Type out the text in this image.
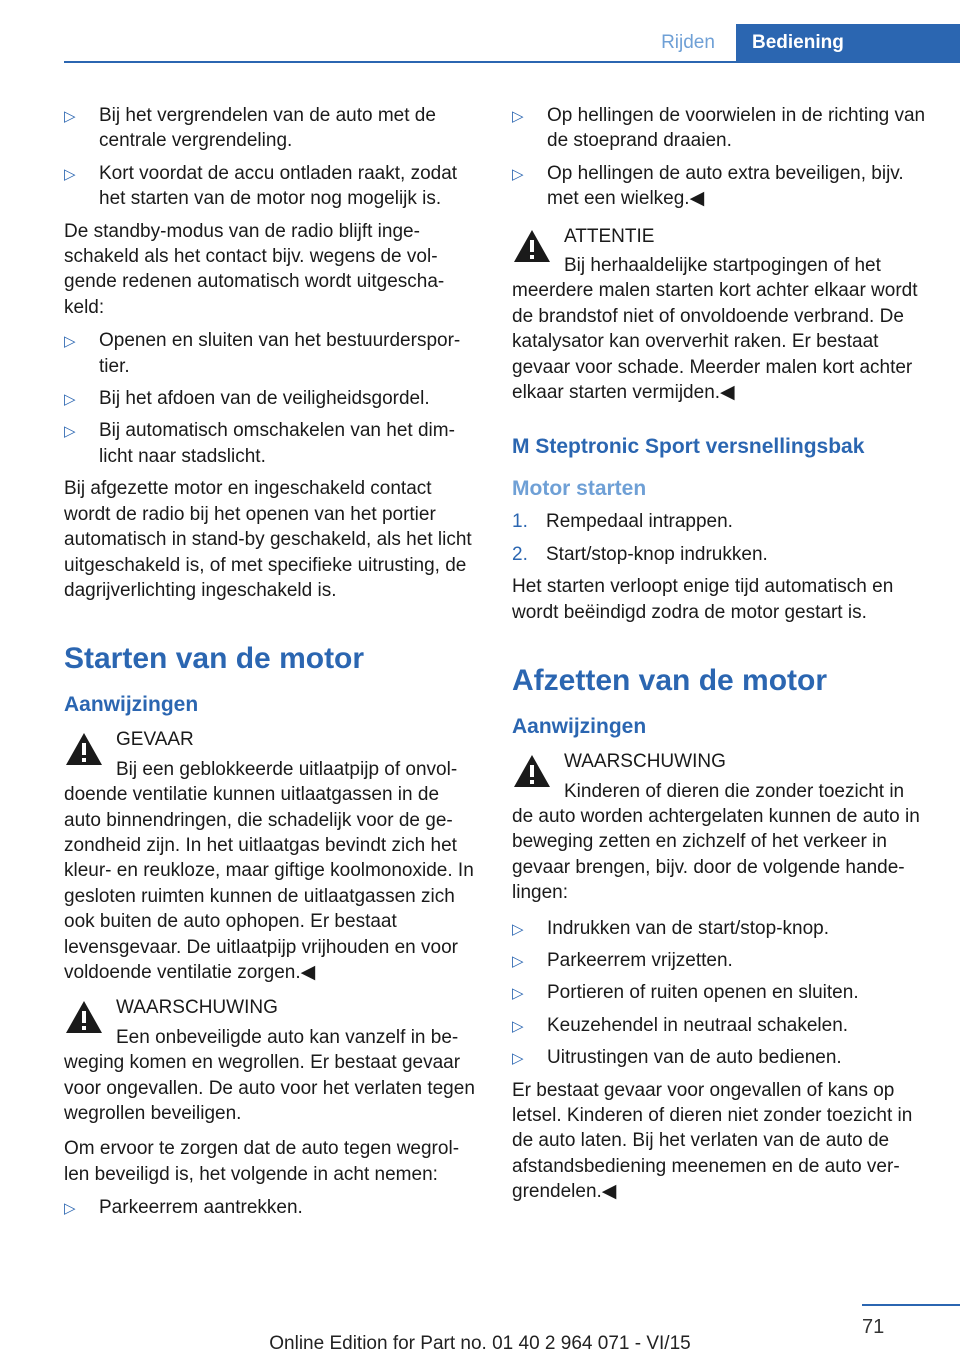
Rijden	Bediening
▷ Bij het vergrendelen van de auto met de centrale vergrendeling.
▷ Kort voordat de accu ontladen raakt, zodat het starten van de motor nog mogelijk is.

De standby-modus van de radio blijft ingeschakeld als het contact bijv. wegens de volgende redenen automatisch wordt uitgeschakeld:

▷ Openen en sluiten van het bestuurdersportier.
▷ Bij het afdoen van de veiligheidsgordel.
▷ Bij automatisch omschakelen van het dimlicht naar stadslicht.

Bij afgezette motor en ingeschakeld contact wordt de radio bij het openen van het portier automatisch in stand-by geschakeld, als het licht uitgeschakeld is, of met specifieke uitrusting, de dagrijverlichting ingeschakeld is.

Starten van de motor
Aanwijzingen
GEVAAR
Bij een geblokkeerde uitlaatpijp of onvoldoende ventilatie kunnen uitlaatgassen in de auto binnendringen, die schadelijk voor de gezondheid zijn. In het uitlaatgas bevindt zich het kleur- en reukloze, maar giftige koolmonoxide. In gesloten ruimten kunnen de uitlaatgassen zich ook buiten de auto ophopen. Er bestaat levensgevaar. De uitlaatpijp vrijhouden en voor voldoende ventilatie zorgen.◀
WAARSCHUWING
Een onbeveiligde auto kan vanzelf in beweging komen en wegrollen. Er bestaat gevaar voor ongevallen. De auto voor het verlaten tegen wegrollen beveiligen.

Om ervoor te zorgen dat de auto tegen wegrollen beveiligd is, het volgende in acht nemen:

▷ Parkeerrem aantrekken.
▷ Op hellingen de voorwielen in de richting van de stoeprand draaien.
▷ Op hellingen de auto extra beveiligen, bijv. met een wielkeg.◀
ATTENTIE
Bij herhaaldelijke startpogingen of het meerdere malen starten kort achter elkaar wordt de brandstof niet of onvoldoende verbrand. De katalysator kan oververhit raken. Er bestaat gevaar voor schade. Meerder malen kort achter elkaar starten vermijden.◀
M Steptronic Sport versnellingsbak
Motor starten
1. Rempedaal intrappen.
2. Start/stop-knop indrukken.

Het starten verloopt enige tijd automatisch en wordt beëindigd zodra de motor gestart is.

Afzetten van de motor
Aanwijzingen
WAARSCHUWING
Kinderen of dieren die zonder toezicht in de auto worden achtergelaten kunnen de auto in beweging zetten en zichzelf of het verkeer in gevaar brengen, bijv. door de volgende handelingen:
▷ Indrukken van de start/stop-knop.
▷ Parkeerrem vrijzetten.
▷ Portieren of ruiten openen en sluiten.
▷ Keuzehendel in neutraal schakelen.
▷ Uitrustingen van de auto bedienen.

Er bestaat gevaar voor ongevallen of kans op letsel. Kinderen of dieren niet zonder toezicht in de auto laten. Bij het verlaten van de auto de afstandsbediening meenemen en de auto vergrendelen.◀

71
Online Edition for Part no. 01 40 2 964 071 - VI/15
